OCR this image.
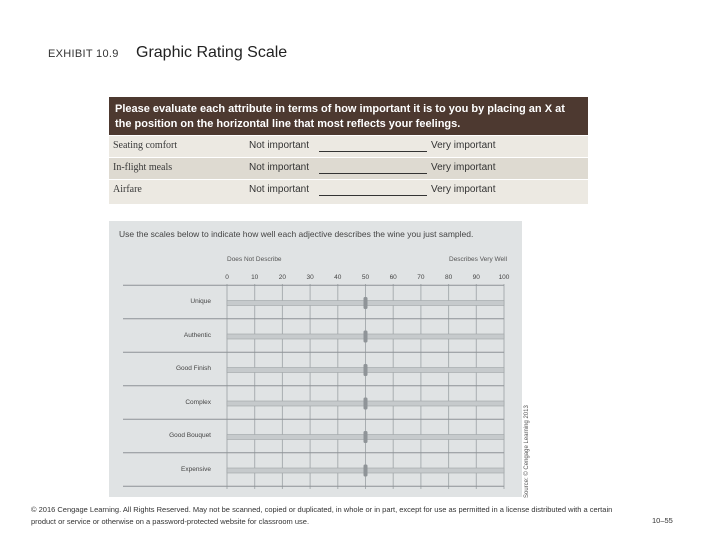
EXHIBIT 10.9 Graphic Rating Scale
Please evaluate each attribute in terms of how important it is to you by placing an X at the position on the horizontal line that most reflects your feelings.
Seating comfort	Not important	Very important
In-flight meals	Not important	Very important
Airfare	Not important	Very important
Use the scales below to indicate how well each adjective describes the wine you just sampled.
Does Not Describe	Describes Very Well
0	10	20	30	40	50	60	70	80	90	100
Unique
Authentic
Good Finish
Complex
Good Bouquet
Expensive	Source: © Cengage Learning 2013
© 2016 Cengage Learning. All Rights Reserved. May not be scanned, copied or duplicated, in whole or in part, except for use as permitted in a license distributed with a certain product or service or otherwise on a password-protected website for classroom use.	10–55
